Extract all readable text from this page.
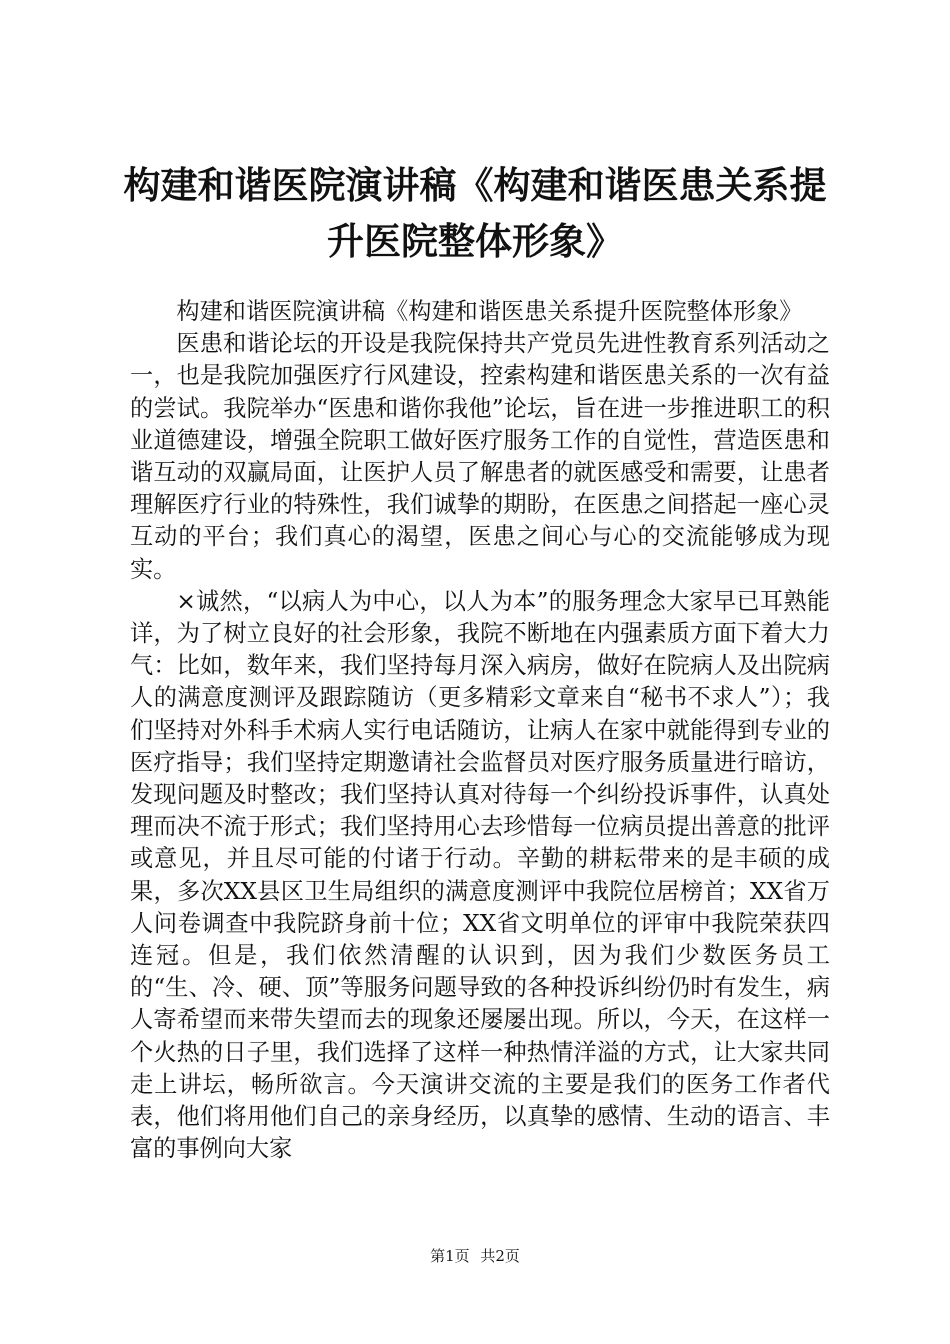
构建和谐医院演讲稿《构建和谐医患关系提升医院整体形象》

构建和谐医院演讲稿《构建和谐医患关系提升医院整体形象》

医患和谐论坛的开设是我院保持共产党员先进性教育系列活动之一，也是我院加强医疗行风建设，控索构建和谐医患关系的一次有益的尝试。我院举办“医患和谐你我他”论坛，旨在进一步推进职工的积业道德建设，增强全院职工做好医疗服务工作的自觉性，营造医患和谐互动的双赢局面，让医护人员了解患者的就医感受和需要，让患者理解医疗行业的特殊性，我们诚挚的期盼，在医患之间搭起一座心灵互动的平台；我们真心的渴望，医患之间心与心的交流能够成为现实。

×诚然，“以病人为中心，以人为本”的服务理念大家早已耳熟能详，为了树立良好的社会形象，我院不断地在内强素质方面下着大力气：比如，数年来，我们坚持每月深入病房，做好在院病人及出院病人的满意度测评及跟踪随访（更多精彩文章来自“秘书不求人”）；我们坚持对外科手术病人实行电话随访，让病人在家中就能得到专业的医疗指导；我们坚持定期邀请社会监督员对医疗服务质量进行暗访，发现问题及时整改；我们坚持认真对待每一个纠纷投诉事件，认真处理而决不流于形式；我们坚持用心去珍惜每一位病员提出善意的批评或意见，并且尽可能的付诸于行动。辛勤的耕耘带来的是丰硕的成果，多次XX县区卫生局组织的满意度测评中我院位居榜首；XX省万人问卷调查中我院跻身前十位；XX省文明单位的评审中我院荣获四连冠。但是，我们依然清醒的认识到，因为我们少数医务员工的“生、冷、硬、顶”等服务问题导致的各种投诉纠纷仍时有发生，病人寄希望而来带失望而去的现象还屡屡出现。所以，今天，在这样一个火热的日子里，我们选择了这样一种热情洋溢的方式，让大家共同走上讲坛，畅所欲言。今天演讲交流的主要是我们的医务工作者代表，他们将用他们自己的亲身经历，以真挚的感情、生动的语言、丰富的事例向大家

第1页 共2页
